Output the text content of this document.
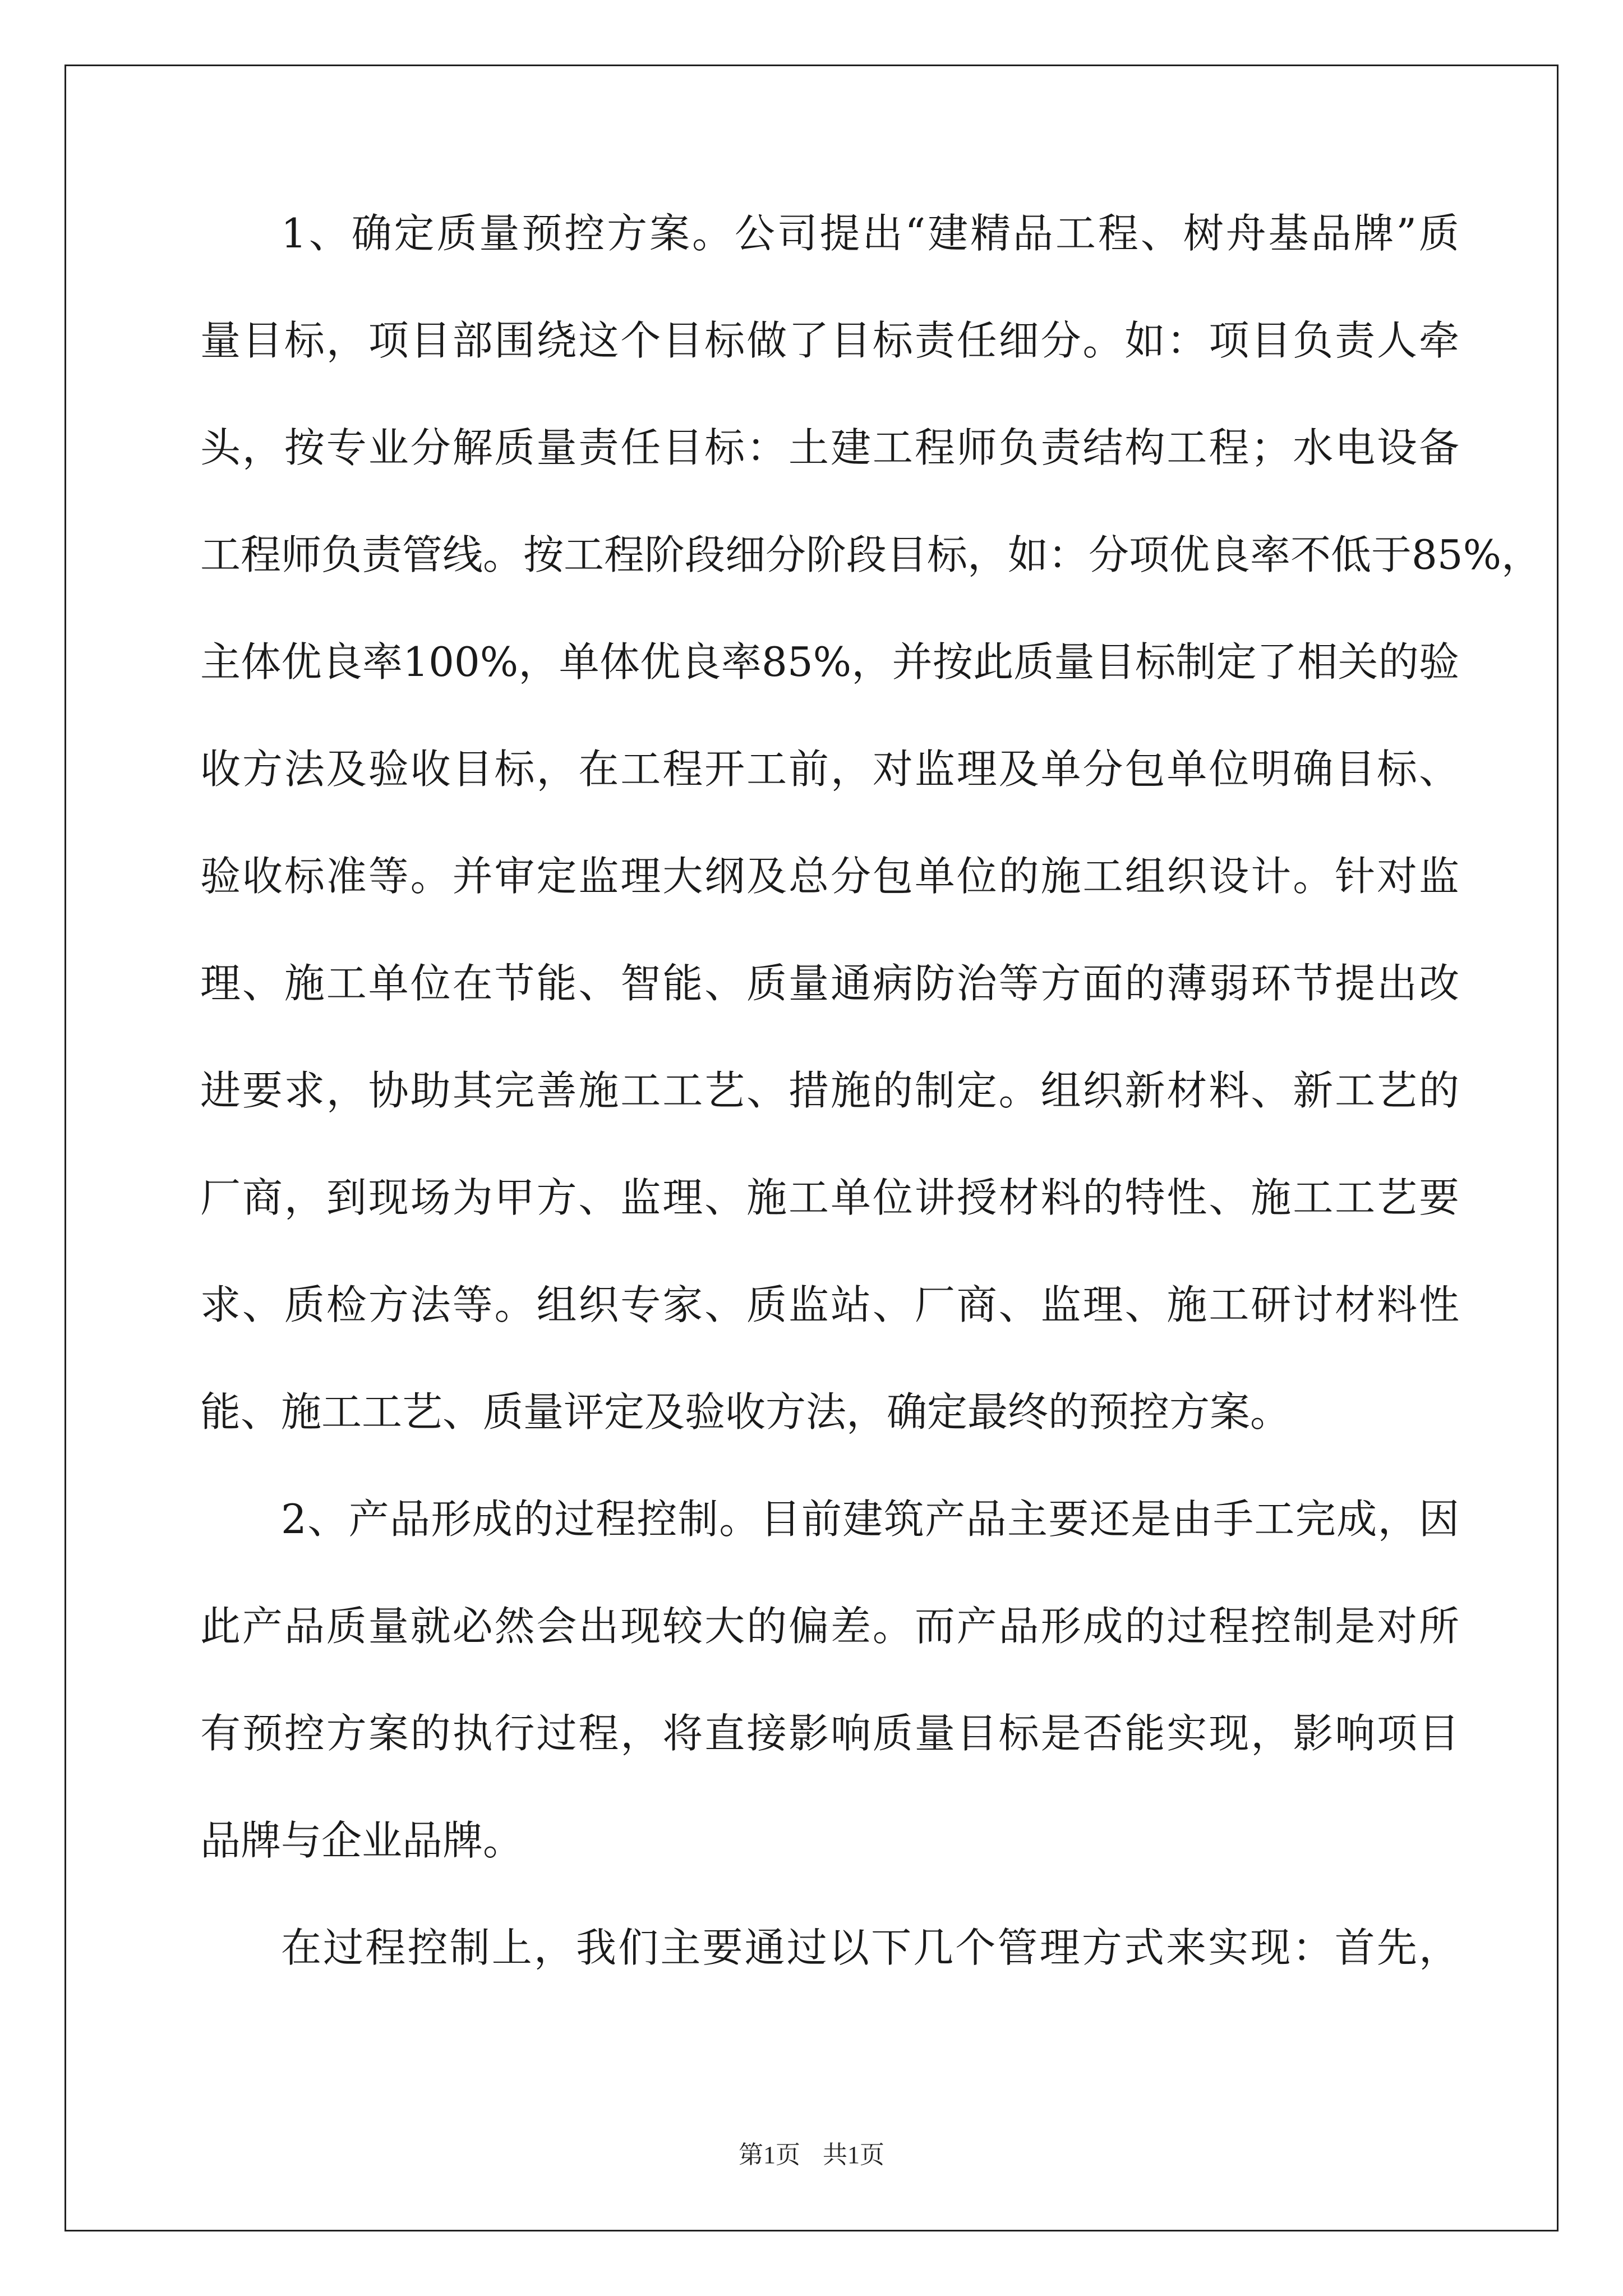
1、确定质量预控方案。公司提出“建精品工程、树舟基品牌”质
量目标，项目部围绕这个目标做了目标责任细分。如：项目负责人牵
头，按专业分解质量责任目标：土建工程师负责结构工程；水电设备
工程师负责管线。按工程阶段细分阶段目标，如：分项优良率不低于85%，
主体优良率100%，单体优良率85%，并按此质量目标制定了相关的验
收方法及验收目标，在工程开工前，对监理及单分包单位明确目标、
验收标准等。并审定监理大纲及总分包单位的施工组织设计。针对监
理、施工单位在节能、智能、质量通病防治等方面的薄弱环节提出改
进要求，协助其完善施工工艺、措施的制定。组织新材料、新工艺的
厂商，到现场为甲方、监理、施工单位讲授材料的特性、施工工艺要
求、质检方法等。组织专家、质监站、厂商、监理、施工研讨材料性
能、施工工艺、质量评定及验收方法，确定最终的预控方案。
2、产品形成的过程控制。目前建筑产品主要还是由手工完成，因
此产品质量就必然会出现较大的偏差。而产品形成的过程控制是对所
有预控方案的执行过程，将直接影响质量目标是否能实现，影响项目
品牌与企业品牌。
在过程控制上，我们主要通过以下几个管理方式来实现：首先，
第1页 共1页
